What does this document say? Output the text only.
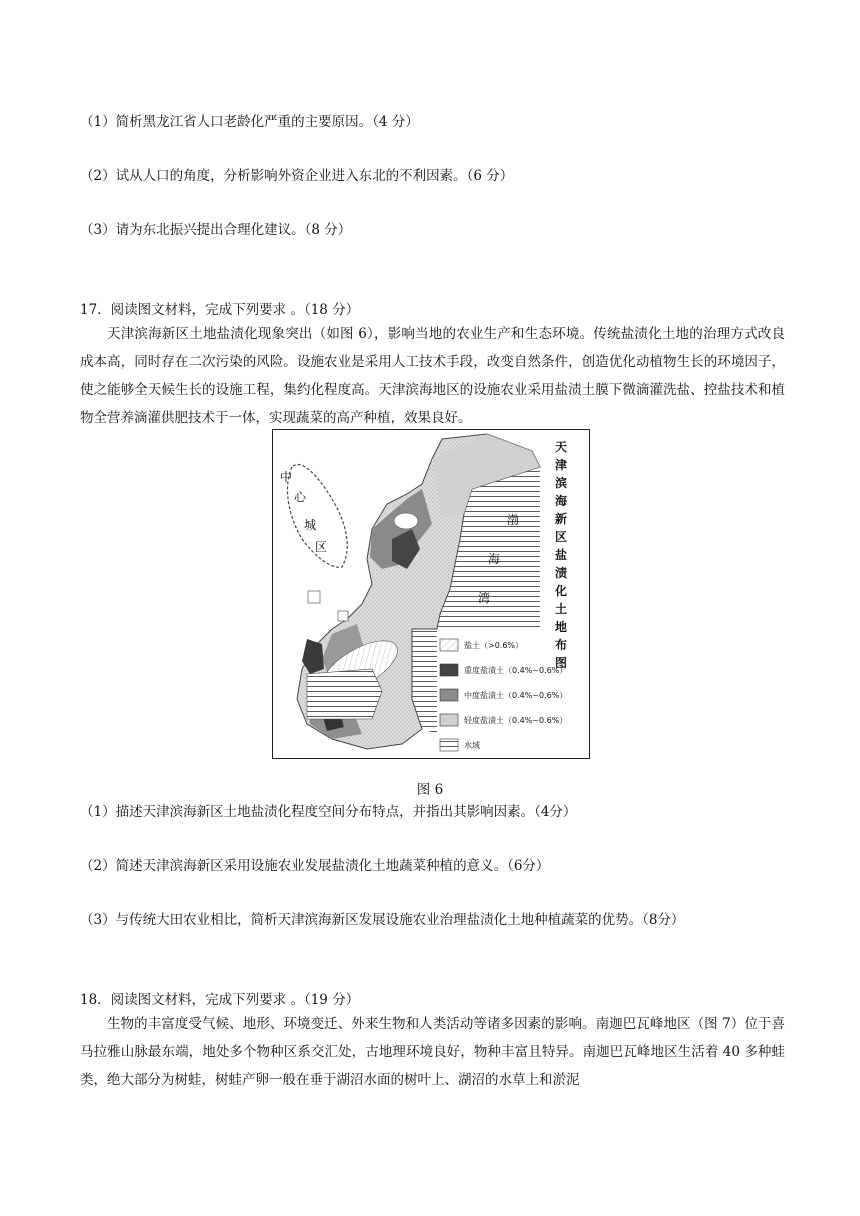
（1）简析黑龙江省人口老龄化严重的主要原因。（4 分）
（2）试从人口的角度，分析影响外资企业进入东北的不利因素。（6 分）
（3）请为东北振兴提出合理化建议。（8 分）
17．阅读图文材料，完成下列要求 。（18 分）
天津滨海新区土地盐渍化现象突出（如图 6），影响当地的农业生产和生态环境。传统盐渍化土地的治理方式改良成本高，同时存在二次污染的风险。设施农业是采用人工技术手段，改变自然条件，创造优化动植物生长的环境因子，使之能够全天候生长的设施工程，集约化程度高。天津滨海地区的设施农业采用盐渍土膜下微滴灌洗盐、控盐技术和植物全营养滴灌供肥技术于一体，实现蔬菜的高产种植，效果良好。
中
心
城
区
渤
海
湾
天
津
滨
海
新
区
盐
渍
化
土
地
布
图
盐土（>0.6%）
重度盐渍土（0.4%~0.6%）
中度盐渍土（0.4%~0.6%）
轻度盐渍土（0.4%~0.6%）
水域
图 6
（1）描述天津滨海新区土地盐渍化程度空间分布特点，并指出其影响因素。（4分）
（2）简述天津滨海新区采用设施农业发展盐渍化土地蔬菜种植的意义。（6分）
（3）与传统大田农业相比，简析天津滨海新区发展设施农业治理盐渍化土地种植蔬菜的优势。（8分）
18．阅读图文材料，完成下列要求 。（19 分）
生物的丰富度受气候、地形、环境变迁、外来生物和人类活动等诸多因素的影响。南迦巴瓦峰地区（图 7）位于喜马拉雅山脉最东端，地处多个物种区系交汇处，古地理环境良好，物种丰富且特异。南迦巴瓦峰地区生活着 40 多种蛙类，绝大部分为树蛙，树蛙产卵一般在垂于湖沼水面的树叶上、湖沼的水草上和淤泥
